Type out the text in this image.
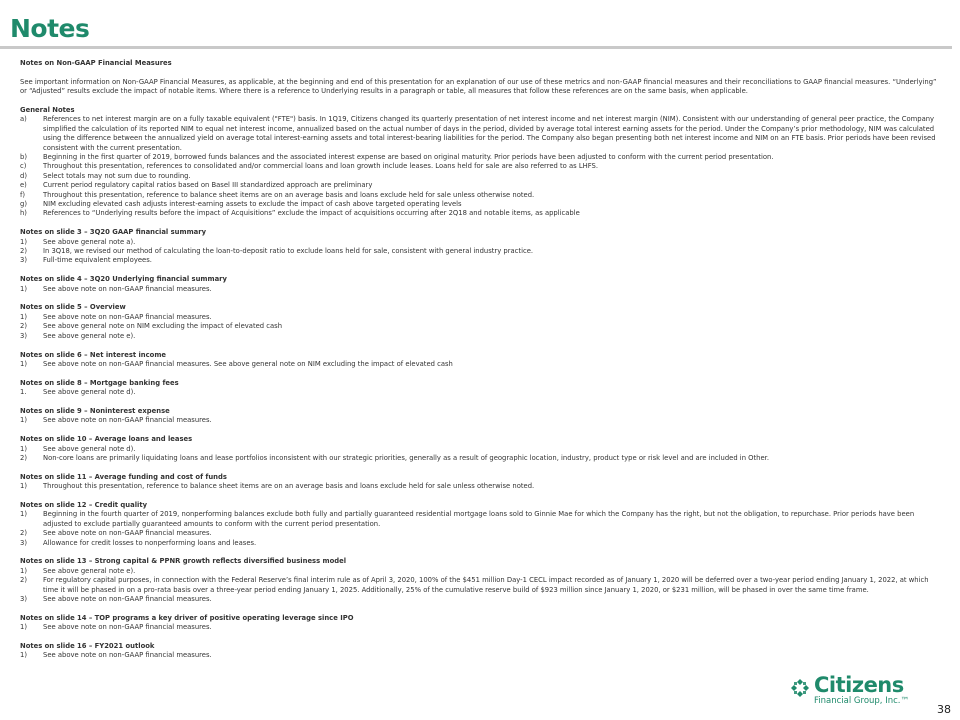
Notes
Notes on Non-GAAP Financial Measures
See important information on Non-GAAP Financial Measures, as applicable, at the beginning and end of this presentation for an explanation of our use of these metrics and non-GAAP financial measures and their reconciliations to GAAP financial measures. “Underlying” or “Adjusted” results exclude the impact of notable items. Where there is a reference to Underlying results in a paragraph or table, all measures that follow these references are on the same basis, when applicable.
General Notes
a)	References to net interest margin are on a fully taxable equivalent ("FTE") basis. In 1Q19, Citizens changed its quarterly presentation of net interest income and net interest margin (NIM). Consistent with our understanding of general peer practice, the Company simplified the calculation of its reported NIM to equal net interest income, annualized based on the actual number of days in the period, divided by average total interest earning assets for the period. Under the Company’s prior methodology, NIM was calculated using the difference between the annualized yield on average total interest-earning assets and total interest-bearing liabilities for the period. The Company also began presenting both net interest income and NIM on an FTE basis. Prior periods have been revised consistent with the current presentation.
b)	Beginning in the first quarter of 2019, borrowed funds balances and the associated interest expense are based on original maturity. Prior periods have been adjusted to conform with the current period presentation.
c)	Throughout this presentation, references to consolidated and/or commercial loans and loan growth include leases. Loans held for sale are also referred to as LHFS.
d)	Select totals may not sum due to rounding.
e)	Current period regulatory capital ratios based on Basel III standardized approach are preliminary
f)	Throughout this presentation, reference to balance sheet items are on an average basis and loans exclude held for sale unless otherwise noted.
g)	NIM excluding elevated cash adjusts interest-earning assets to exclude the impact of cash above targeted operating levels
h)	References to “Underlying results before the impact of Acquisitions” exclude the impact of acquisitions occurring after 2Q18 and notable items, as applicable
Notes on slide 3 – 3Q20 GAAP financial summary
1)	See above general note a).
2)	In 3Q18, we revised our method of calculating the loan-to-deposit ratio to exclude loans held for sale, consistent with general industry practice.
3)	Full-time equivalent employees.
Notes on slide 4 – 3Q20 Underlying financial summary
1)	See above note on non-GAAP financial measures.
Notes on slide 5 – Overview
1)	See above note on non-GAAP financial measures.
2)	See above general note on NIM excluding the impact of elevated cash
3)	See above general note e).
Notes on slide 6 – Net interest income
1)	See above note on non-GAAP financial measures. See above general note on NIM excluding the impact of elevated cash
Notes on slide 8 – Mortgage banking fees
1.	See above general note d).
Notes on slide 9 – Noninterest expense
1)	See above note on non-GAAP financial measures.
Notes on slide 10 – Average loans and leases
1)	See above general note d).
2)	Non-core loans are primarily liquidating loans and lease portfolios inconsistent with our strategic priorities, generally as a result of geographic location, industry, product type or risk level and are included in Other.
Notes on slide 11 – Average funding and cost of funds
1)	Throughout this presentation, reference to balance sheet items are on an average basis and loans exclude held for sale unless otherwise noted.
Notes on slide 12 – Credit quality
1)	Beginning in the fourth quarter of 2019, nonperforming balances exclude both fully and partially guaranteed residential mortgage loans sold to Ginnie Mae for which the Company has the right, but not the obligation, to repurchase. Prior periods have been adjusted to exclude partially guaranteed amounts to conform with the current period presentation.
2)	See above note on non-GAAP financial measures.
3)	Allowance for credit losses to nonperforming loans and leases.
Notes on slide 13 – Strong capital & PPNR growth reflects diversified business model
1)	See above general note e).
2)	For regulatory capital purposes, in connection with the Federal Reserve’s final interim rule as of April 3, 2020, 100% of the $451 million Day-1 CECL impact recorded as of January 1, 2020 will be deferred over a two-year period ending January 1, 2022, at which time it will be phased in on a pro-rata basis over a three-year period ending January 1, 2025. Additionally, 25% of the cumulative reserve build of $923 million since January 1, 2020, or $231 million, will be phased in over the same time frame.
3)	See above note on non-GAAP financial measures.
Notes on slide 14 – TOP programs a key driver of positive operating leverage since IPO
1)	See above note on non-GAAP financial measures.
Notes on slide 16 – FY2021 outlook
1)	See above note on non-GAAP financial measures.
Citizens
Financial Group, Inc.™
38
